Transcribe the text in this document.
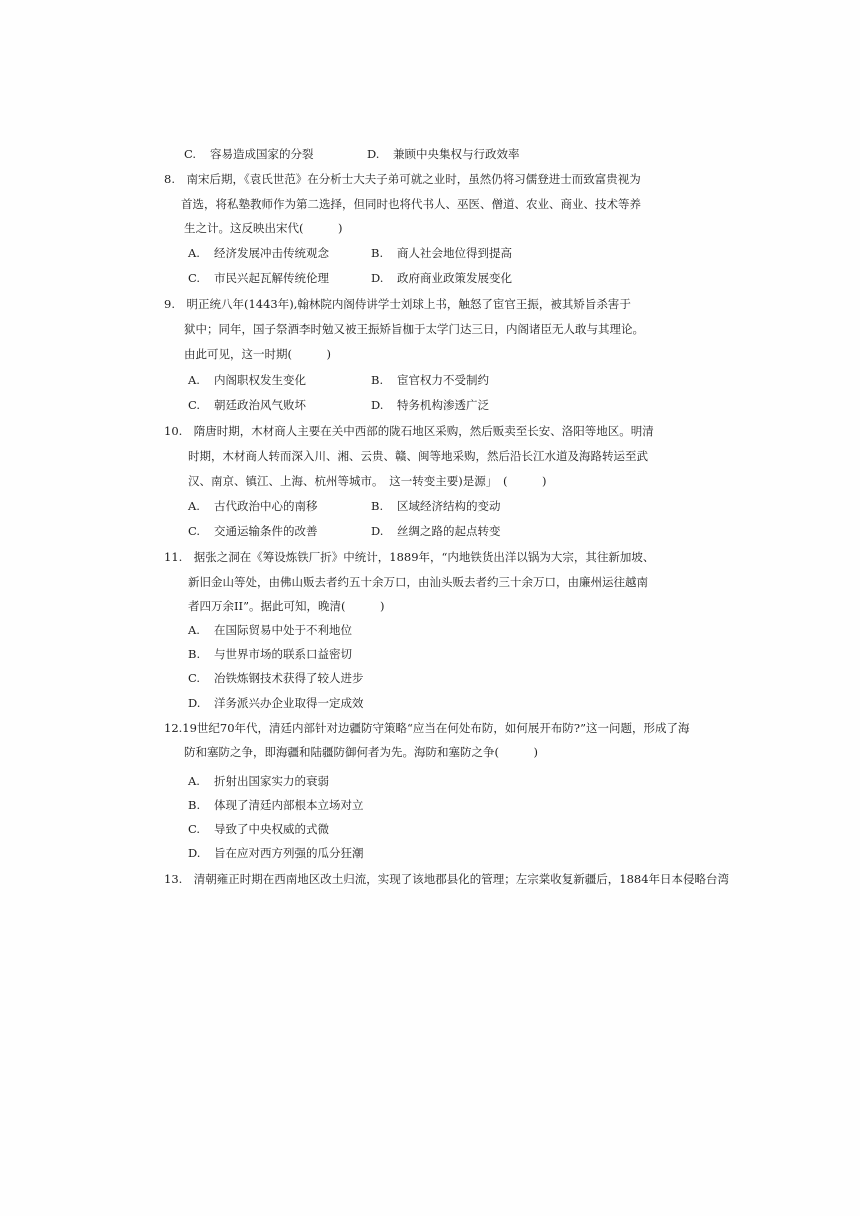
C. 容易造成国家的分裂	D. 兼顾中央集权与行政效率
8.　南宋后期，《袁氏世范》在分析士大夫子弟可就之业时，虽然仍将习儒登进士而致富贵视为
首选，将私塾教师作为第二选择，但同时也将代书人、巫医、僧道、农业、商业、技术等养
生之计。这反映出宋代(　　　)
A. 经济发展冲击传统观念	B. 商人社会地位得到提高
C. 市民兴起瓦解传统伦理	D. 政府商业政策发展变化
9.　明正统八年(1443年),翰林院内阁侍讲学士刘球上书，触怒了宦官王振，被其矫旨杀害于
狱中；同年，国子祭酒李时勉又被王振矫旨枷于太学门达三日，内阁诸臣无人敢与其理论。
由此可见，这一时期(　　　)
A. 内阁职权发生变化	B. 宦官权力不受制约
C. 朝廷政治风气败坏	D. 特务机构渗透广泛
10.　隋唐时期，木材商人主要在关中西部的陇石地区采购，然后贩卖至长安、洛阳等地区。明清
时期，木材商人转而深入川、湘、云贵、赣、闽等地采购，然后沿长江水道及海路转运至武
汉、南京、镇江、上海、杭州等城市。　这一转变主要)是源」　(　　　)
A. 古代政治中心的南移	B. 区域经济结构的变动
C. 交通运输条件的改善	D. 丝绸之路的起点转变
11.　据张之洞在《筹设炼铁厂折》中统计，1889年，“内地铁货出洋以锅为大宗，其往新加坡、
新旧金山等处，由佛山贩去者约五十余万口，由汕头贩去者约三十余万口，由廉州运往越南
者四万余II”。据此可知，晚清(　　　)
A. 在国际贸易中处于不利地位
B. 与世界市场的联系口益密切
C. 冶铁炼钢技术获得了较人进步
D. 洋务派兴办企业取得一定成效
12.19世纪70年代，清廷内部针对边疆防守策略“应当在何处布防，如何展开布防?”这一问题，形成了海
防和塞防之争，即海疆和陆疆防御何者为先。海防和塞防之争(　　　)
A. 折射出国家实力的衰弱
B. 体现了清廷内部根本立场对立
C. 导致了中央权威的式微
D. 旨在应对西方列强的瓜分狂潮
13.　清朝雍正时期在西南地区改土归流，实现了该地郡县化的管理；左宗棠收复新疆后，1884年日本侵略台湾
